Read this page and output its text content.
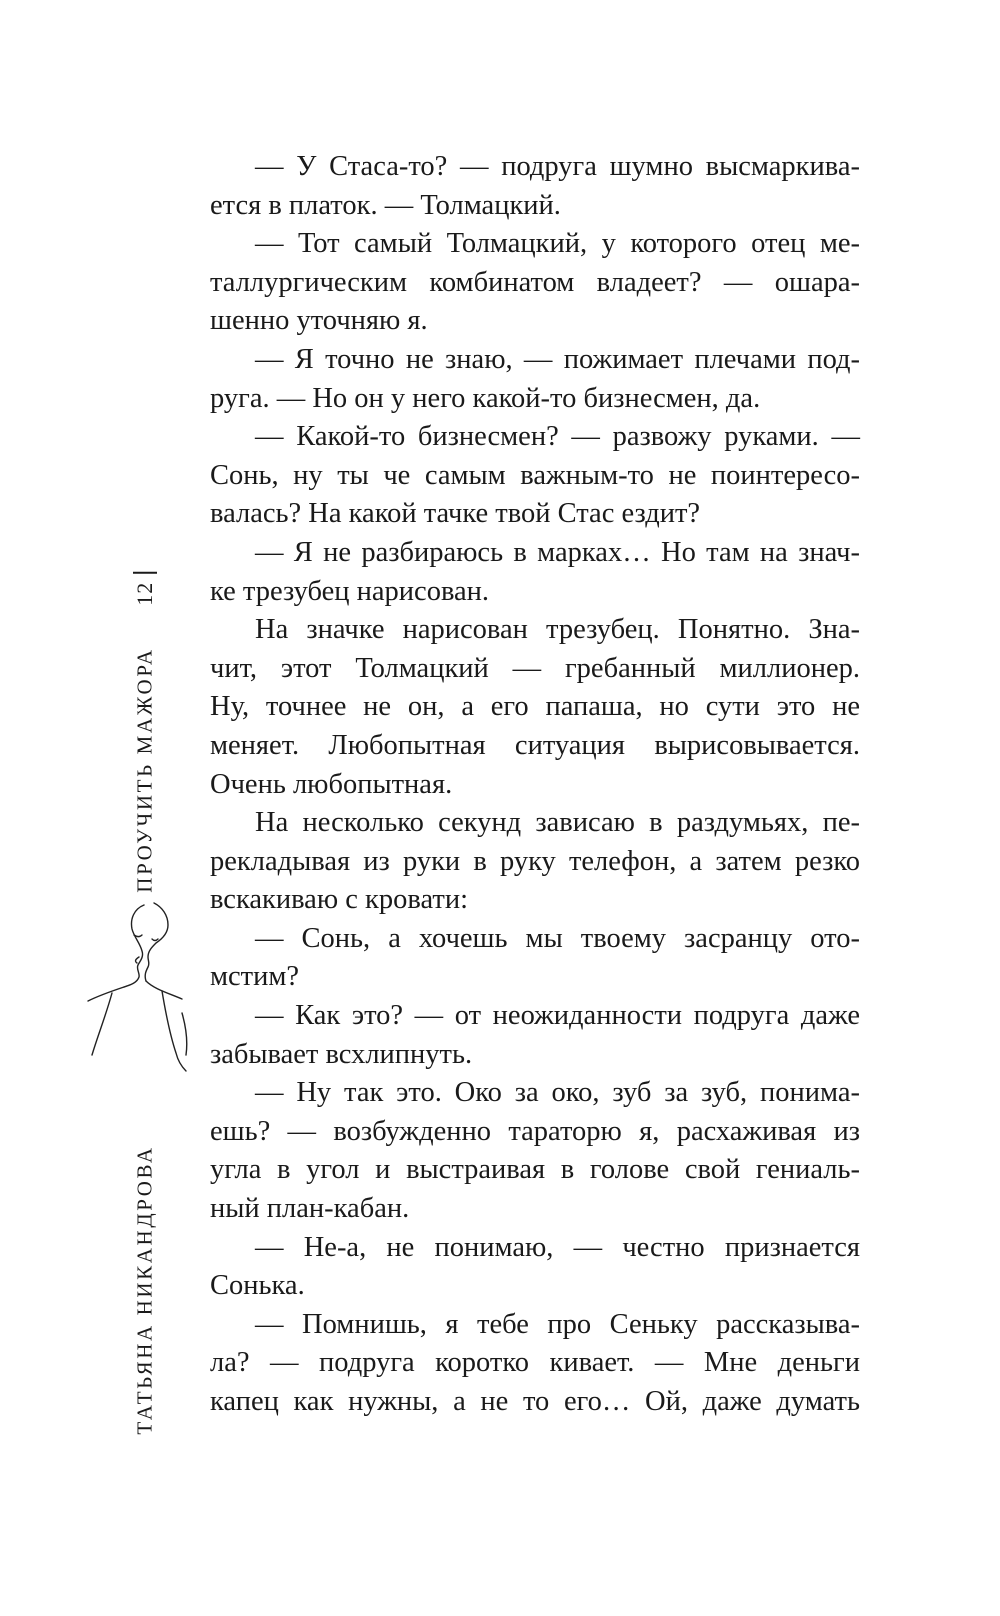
— У Стаса-то? — подруга шумно высмаркива-
ется в платок. — Толмацкий.
— Тот самый Толмацкий, у которого отец ме-
таллургическим комбинатом владеет? — ошара-
шенно уточняю я.
— Я точно не знаю, — пожимает плечами под-
руга. — Но он у него какой-то бизнесмен, да.
— Какой-то бизнесмен? — развожу руками. —
Сонь, ну ты че самым важным-то не поинтересо-
валась? На какой тачке твой Стас ездит?
— Я не разбираюсь в марках… Но там на знач-
ке трезубец нарисован.
На значке нарисован трезубец. Понятно. Зна-
чит, этот Толмацкий — гребанный миллионер.
Ну, точнее не он, а его папаша, но сути это не
меняет. Любопытная ситуация вырисовывается.
Очень любопытная.
На несколько секунд зависаю в раздумьях, пе-
рекладывая из руки в руку телефон, а затем резко
вскакиваю с кровати:
— Сонь, а хочешь мы твоему засранцу ото-
мстим?
— Как это? — от неожиданности подруга даже
забывает всхлипнуть.
— Ну так это. Око за око, зуб за зуб, понима-
ешь? — возбужденно тараторю я, расхаживая из
угла в угол и выстраивая в голове свой гениаль-
ный план-кабан.
— Не-а, не понимаю, — честно признается
Сонька.
— Помнишь, я тебе про Сеньку рассказыва-
ла? — подруга коротко кивает. — Мне деньги
капец как нужны, а не то его… Ой, даже думать
12
ПРОУЧИТЬ МАЖОРА
ТАТЬЯНА НИКАНДРОВА
